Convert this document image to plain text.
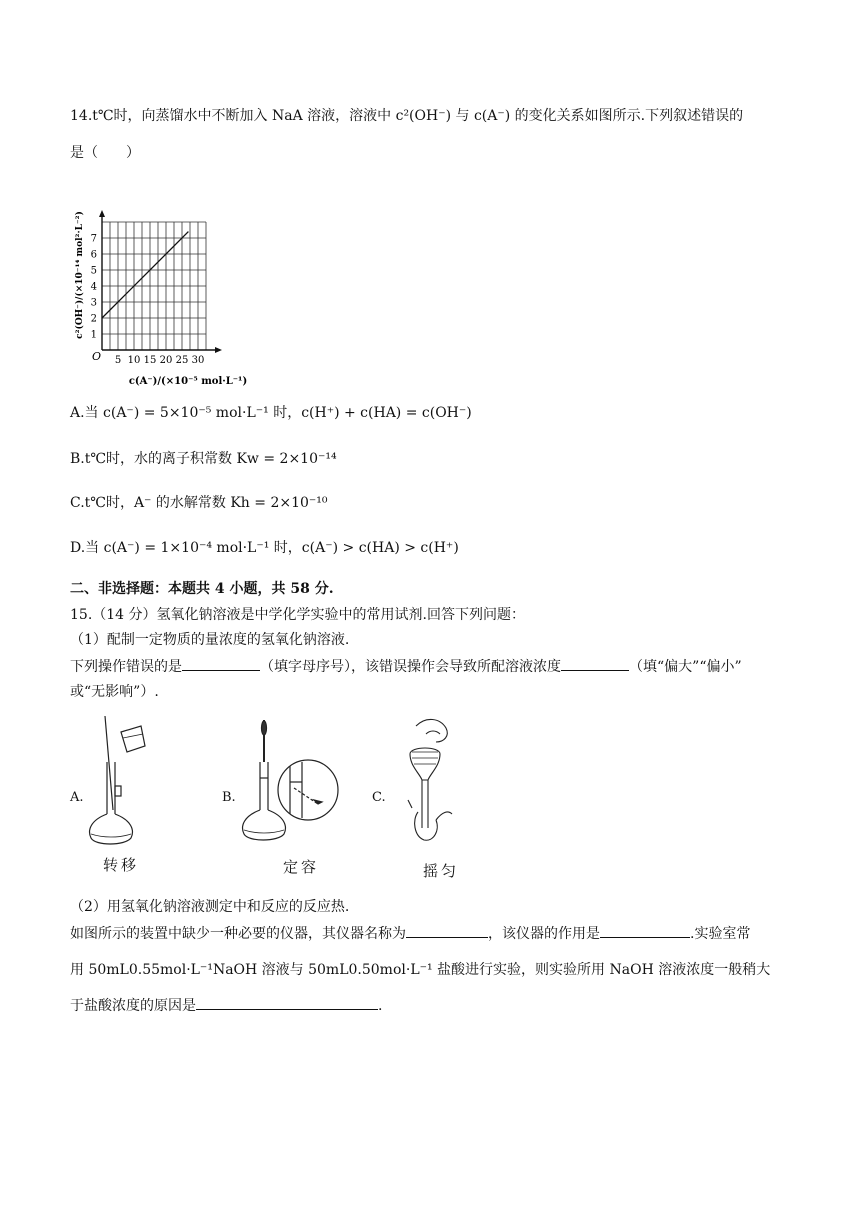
14.t℃时，向蒸馏水中不断加入 NaA 溶液，溶液中 c²(OH⁻) 与 c(A⁻) 的变化关系如图所示.下列叙述错误的
是（　　）
5 10 15 20 25 30
1
2
3
4
5
6
7
c²(OH⁻)/(×10⁻¹⁴ mol²·L⁻²)
c(A⁻)/(×10⁻⁵ mol·L⁻¹)
O
A.当 c(A⁻) = 5×10⁻⁵ mol·L⁻¹ 时，c(H⁺) + c(HA) = c(OH⁻)
B.t℃时，水的离子积常数 Kw = 2×10⁻¹⁴
C.t℃时，A⁻ 的水解常数 Kh = 2×10⁻¹⁰
D.当 c(A⁻) = 1×10⁻⁴ mol·L⁻¹ 时，c(A⁻) > c(HA) > c(H⁺)
二、非选择题：本题共 4 小题，共 58 分.
15.（14 分）氢氧化钠溶液是中学化学实验中的常用试剂.回答下列问题：
（1）配制一定物质的量浓度的氢氧化钠溶液.
下列操作错误的是	（填字母序号），该错误操作会导致所配溶液浓度	（填“偏大”“偏小”
或“无影响”）.
A.
转移
B.
定容
C.
摇匀
（2）用氢氧化钠溶液测定中和反应的反应热.
如图所示的装置中缺少一种必要的仪器，其仪器名称为	，该仪器的作用是	.实验室常
用 50mL0.55mol·L⁻¹NaOH 溶液与 50mL0.50mol·L⁻¹ 盐酸进行实验，则实验所用 NaOH 溶液浓度一般稍大
于盐酸浓度的原因是	.
